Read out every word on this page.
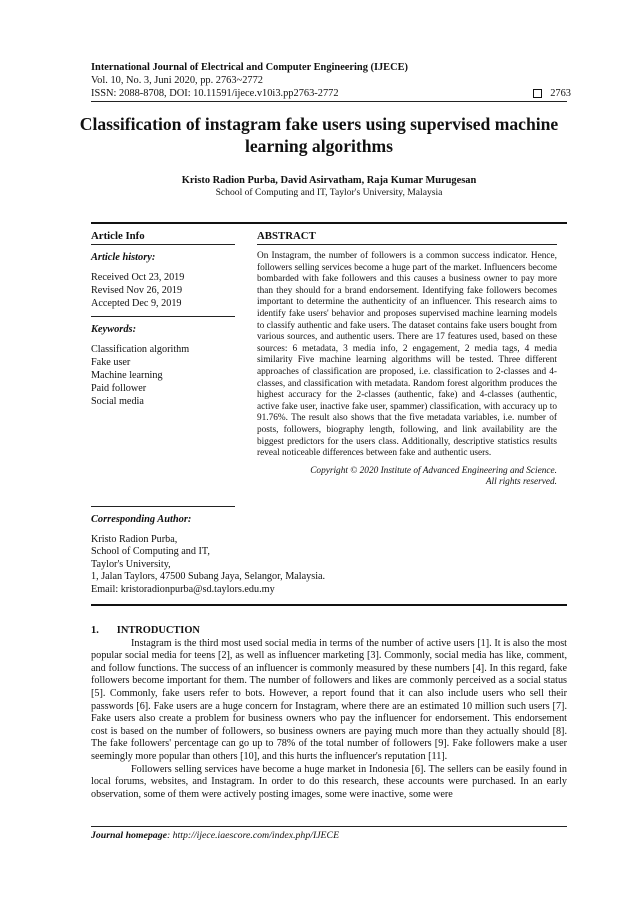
International Journal of Electrical and Computer Engineering (IJECE)
Vol. 10, No. 3, Juni 2020, pp. 2763~2772
ISSN: 2088-8708, DOI: 10.11591/ijece.v10i3.pp2763-2772	2763
Classification of instagram fake users using supervised machine learning algorithms
Kristo Radion Purba, David Asirvatham, Raja Kumar Murugesan
School of Computing and IT, Taylor's University, Malaysia
Article Info
Article history:
Received Oct 23, 2019
Revised Nov 26, 2019
Accepted Dec 9, 2019
Keywords:
Classification algorithm
Fake user
Machine learning
Paid follower
Social media
ABSTRACT
On Instagram, the number of followers is a common success indicator. Hence, followers selling services become a huge part of the market. Influencers become bombarded with fake followers and this causes a business owner to pay more than they should for a brand endorsement. Identifying fake followers becomes important to determine the authenticity of an influencer. This research aims to identify fake users' behavior and proposes supervised machine learning models to classify authentic and fake users. The dataset contains fake users bought from various sources, and authentic users. There are 17 features used, based on these sources: 6 metadata, 3 media info, 2 engagement, 2 media tags, 4 media similarity Five machine learning algorithms will be tested. Three different approaches of classification are proposed, i.e. classification to 2-classes and 4-classes, and classification with metadata. Random forest algorithm produces the highest accuracy for the 2-classes (authentic, fake) and 4-classes (authentic, active fake user, inactive fake user, spammer) classification, with accuracy up to 91.76%. The result also shows that the five metadata variables, i.e. number of posts, followers, biography length, following, and link availability are the biggest predictors for the users class. Additionally, descriptive statistics results reveal noticeable differences between fake and authentic users.
Copyright © 2020 Institute of Advanced Engineering and Science.
All rights reserved.
Corresponding Author:
Kristo Radion Purba,
School of Computing and IT,
Taylor's University,
1, Jalan Taylors, 47500 Subang Jaya, Selangor, Malaysia.
Email: kristoradionpurba@sd.taylors.edu.my
1. INTRODUCTION
Instagram is the third most used social media in terms of the number of active users [1]. It is also the most popular social media for teens [2], as well as influencer marketing [3]. Commonly, social media has like, comment, and follow functions. The success of an influencer is commonly measured by these numbers [4]. In this regard, fake followers become important for them. The number of followers and likes are commonly perceived as a social status [5]. Commonly, fake users refer to bots. However, a report found that it can also include users who sell their passwords [6]. Fake users are a huge concern for Instagram, where there are an estimated 10 million such users [7]. Fake users also create a problem for business owners who pay the influencer for endorsement. This endorsement cost is based on the number of followers, so business owners are paying much more than they actually should [8]. The fake followers' percentage can go up to 78% of the total number of followers [9]. Fake followers make a user seemingly more popular than others [10], and this hurts the influencer's reputation [11].
Followers selling services have become a huge market in Indonesia [6]. The sellers can be easily found in local forums, websites, and Instagram. In order to do this research, these accounts were purchased. In an early observation, some of them were actively posting images, some were inactive, some were
Journal homepage: http://ijece.iaescore.com/index.php/IJECE
